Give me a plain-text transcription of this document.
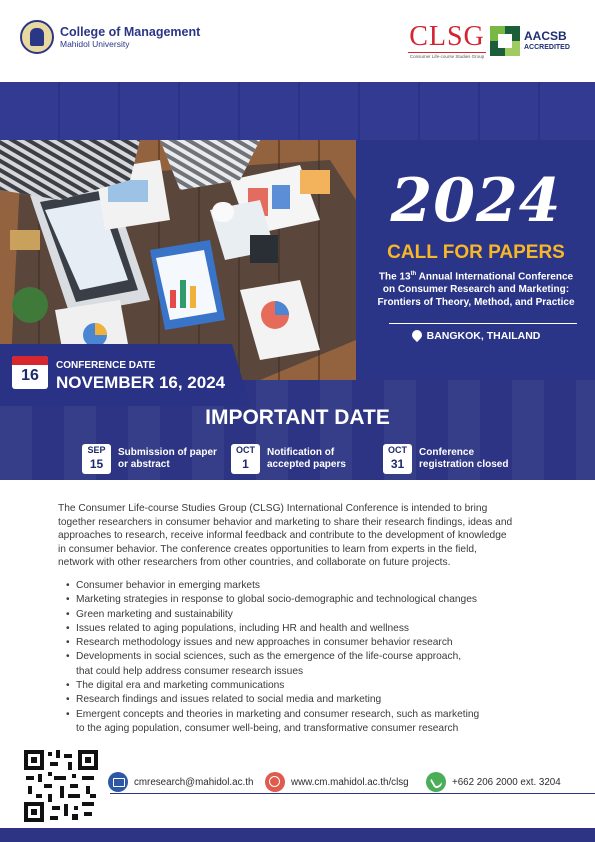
College of Management
Mahidol University	CLSG
Consumer Life-course Studies Group
AACSB
ACCREDITED
2024
CALL FOR PAPERS
The 13th Annual International Conference
on Consumer Research and Marketing:
Frontiers of Theory, Method, and Practice
BANGKOK, THAILAND
16
CONFERENCE DATE
NOVEMBER 16, 2024
IMPORTANT DATE
SEP
15
Submission of paper
or abstract
OCT
1
Notification of
accepted papers
OCT
31
Conference
registration closed
The Consumer Life-course Studies Group (CLSG) International Conference is intended to bring
together researchers in consumer behavior and marketing to share their research findings, ideas and
approaches to research, receive informal feedback and contribute to the development of knowledge
in consumer behavior. The conference creates opportunities to learn from experts in the field,
network with other researchers from other countries, and collaborate on future projects.
• Consumer behavior in emerging markets
• Marketing strategies in response to global socio-demographic and technological changes
• Green marketing and sustainability
• Issues related to aging populations, including HR and health and wellness
• Research methodology issues and new approaches in consumer behavior research
• Developments in social sciences, such as the emergence of the life-course approach,
that could help address consumer research issues
• The digital era and marketing communications
• Research findings and issues related to social media and marketing
• Emergent concepts and theories in marketing and consumer research, such as marketing
to the aging population, consumer well-being, and transformative consumer research
cmresearch@mahidol.ac.th	www.cm.mahidol.ac.th/clsg	+662 206 2000 ext. 3204
